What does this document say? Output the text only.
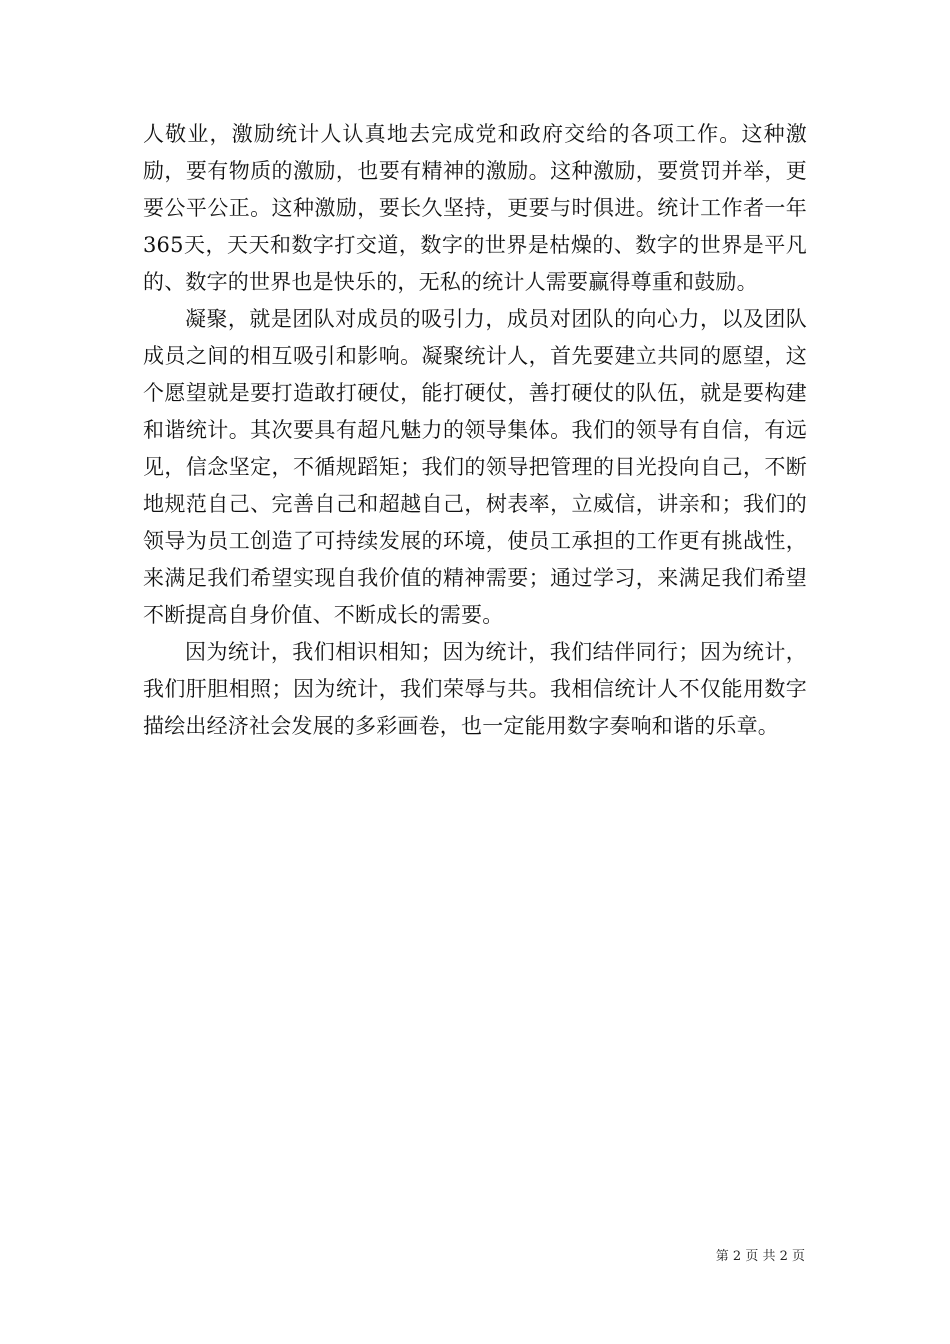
人敬业，激励统计人认真地去完成党和政府交给的各项工作。这种激励，要有物质的激励，也要有精神的激励。这种激励，要赏罚并举，更要公平公正。这种激励，要长久坚持，更要与时俱进。统计工作者一年365天，天天和数字打交道，数字的世界是枯燥的、数字的世界是平凡的、数字的世界也是快乐的，无私的统计人需要赢得尊重和鼓励。

凝聚，就是团队对成员的吸引力，成员对团队的向心力，以及团队成员之间的相互吸引和影响。凝聚统计人，首先要建立共同的愿望，这个愿望就是要打造敢打硬仗，能打硬仗，善打硬仗的队伍，就是要构建和谐统计。其次要具有超凡魅力的领导集体。我们的领导有自信，有远见，信念坚定，不循规蹈矩；我们的领导把管理的目光投向自己，不断地规范自己、完善自己和超越自己，树表率，立威信，讲亲和；我们的领导为员工创造了可持续发展的环境，使员工承担的工作更有挑战性，来满足我们希望实现自我价值的精神需要；通过学习，来满足我们希望不断提高自身价值、不断成长的需要。

因为统计，我们相识相知；因为统计，我们结伴同行；因为统计，我们肝胆相照；因为统计，我们荣辱与共。我相信统计人不仅能用数字描绘出经济社会发展的多彩画卷，也一定能用数字奏响和谐的乐章。

第 2 页 共 2 页
